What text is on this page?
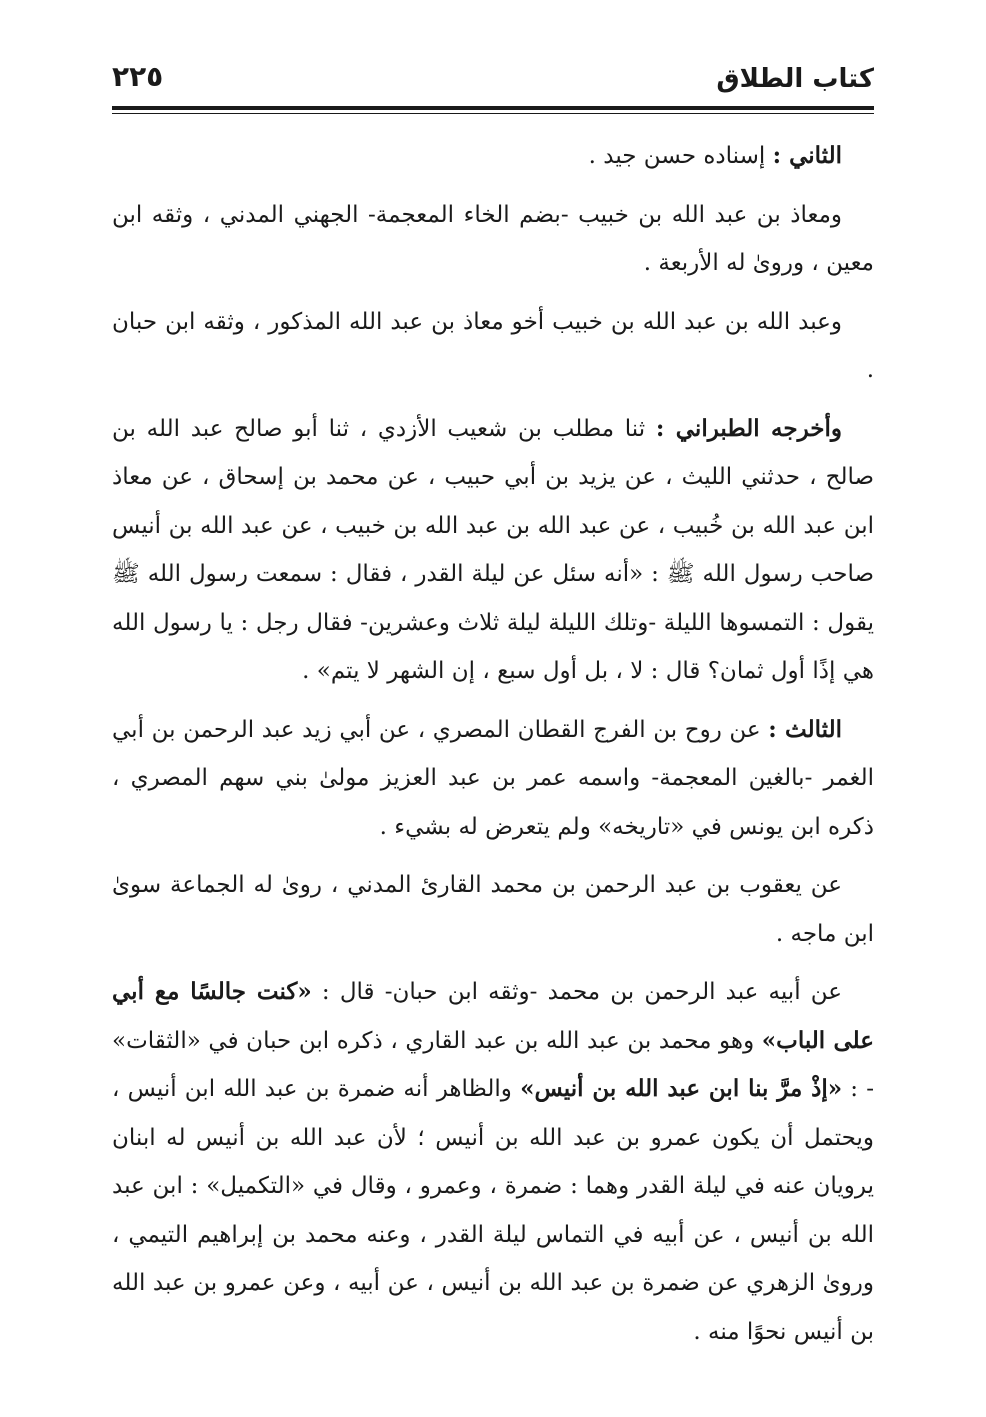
كتاب الطلاق
٢٢٥

الثاني : إسناده حسن جيد .

ومعاذ بن عبد الله بن خبيب -بضم الخاء المعجمة- الجهني المدني ، وثقه ابن معين ، وروىٰ له الأربعة .

وعبد الله بن عبد الله بن خبيب أخو معاذ بن عبد الله المذكور ، وثقه ابن حبان .

وأخرجه الطبراني : ثنا مطلب بن شعيب الأزدي ، ثنا أبو صالح عبد الله بن صالح ، حدثني الليث ، عن يزيد بن أبي حبيب ، عن محمد بن إسحاق ، عن معاذ ابن عبد الله بن خُبيب ، عن عبد الله بن عبد الله بن خبيب ، عن عبد الله بن أنيس صاحب رسول الله ﷺ : «أنه سئل عن ليلة القدر ، فقال : سمعت رسول الله ﷺ يقول : التمسوها الليلة -وتلك الليلة ليلة ثلاث وعشرين- فقال رجل : يا رسول الله هي إذًا أول ثمان؟ قال : لا ، بل أول سبع ، إن الشهر لا يتم» .

الثالث : عن روح بن الفرج القطان المصري ، عن أبي زيد عبد الرحمن بن أبي الغمر -بالغين المعجمة- واسمه عمر بن عبد العزيز مولىٰ بني سهم المصري ، ذكره ابن يونس في «تاريخه» ولم يتعرض له بشيء .

عن يعقوب بن عبد الرحمن بن محمد القارئ المدني ، روىٰ له الجماعة سوىٰ ابن ماجه .

عن أبيه عبد الرحمن بن محمد -وثقه ابن حبان- قال : «كنت جالسًا مع أبي على الباب» وهو محمد بن عبد الله بن عبد القاري ، ذكره ابن حبان في «الثقات» - : «إذْ مرَّ بنا ابن عبد الله بن أنيس» والظاهر أنه ضمرة بن عبد الله ابن أنيس ، ويحتمل أن يكون عمرو بن عبد الله بن أنيس ؛ لأن عبد الله بن أنيس له ابنان يرويان عنه في ليلة القدر وهما : ضمرة ، وعمرو ، وقال في «التكميل» : ابن عبد الله بن أنيس ، عن أبيه في التماس ليلة القدر ، وعنه محمد بن إبراهيم التيمي ، وروىٰ الزهري عن ضمرة بن عبد الله بن أنيس ، عن أبيه ، وعن عمرو بن عبد الله بن أنيس نحوًا منه .
